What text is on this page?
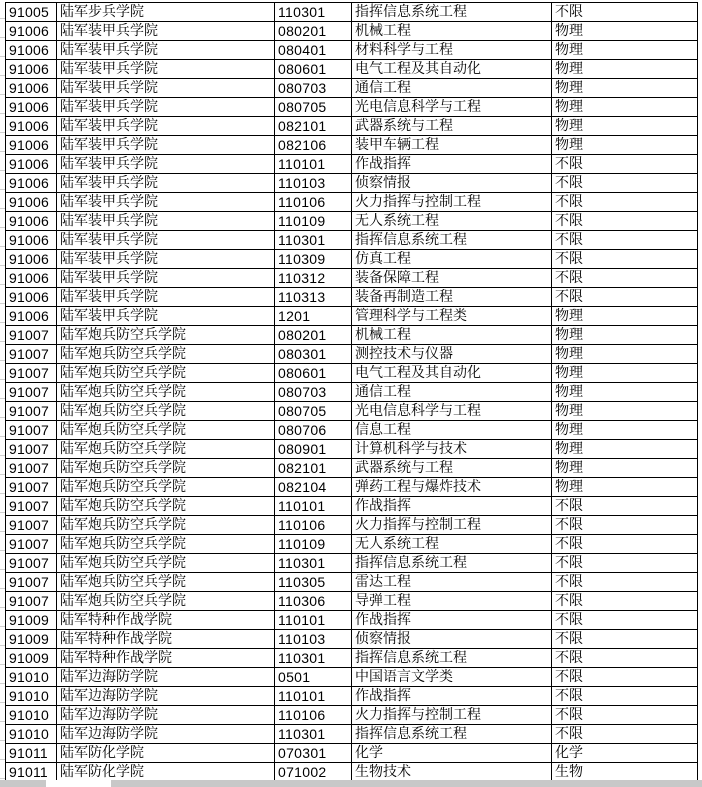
91005	陆军步兵学院	110301	指挥信息系统工程	不限
91006	陆军装甲兵学院	080201	机械工程	物理
91006	陆军装甲兵学院	080401	材料科学与工程	物理
91006	陆军装甲兵学院	080601	电气工程及其自动化	物理
91006	陆军装甲兵学院	080703	通信工程	物理
91006	陆军装甲兵学院	080705	光电信息科学与工程	物理
91006	陆军装甲兵学院	082101	武器系统与工程	物理
91006	陆军装甲兵学院	082106	装甲车辆工程	物理
91006	陆军装甲兵学院	110101	作战指挥	不限
91006	陆军装甲兵学院	110103	侦察情报	不限
91006	陆军装甲兵学院	110106	火力指挥与控制工程	不限
91006	陆军装甲兵学院	110109	无人系统工程	不限
91006	陆军装甲兵学院	110301	指挥信息系统工程	不限
91006	陆军装甲兵学院	110309	仿真工程	不限
91006	陆军装甲兵学院	110312	装备保障工程	不限
91006	陆军装甲兵学院	110313	装备再制造工程	不限
91006	陆军装甲兵学院	1201	管理科学与工程类	物理
91007	陆军炮兵防空兵学院	080201	机械工程	物理
91007	陆军炮兵防空兵学院	080301	测控技术与仪器	物理
91007	陆军炮兵防空兵学院	080601	电气工程及其自动化	物理
91007	陆军炮兵防空兵学院	080703	通信工程	物理
91007	陆军炮兵防空兵学院	080705	光电信息科学与工程	物理
91007	陆军炮兵防空兵学院	080706	信息工程	物理
91007	陆军炮兵防空兵学院	080901	计算机科学与技术	物理
91007	陆军炮兵防空兵学院	082101	武器系统与工程	物理
91007	陆军炮兵防空兵学院	082104	弹药工程与爆炸技术	物理
91007	陆军炮兵防空兵学院	110101	作战指挥	不限
91007	陆军炮兵防空兵学院	110106	火力指挥与控制工程	不限
91007	陆军炮兵防空兵学院	110109	无人系统工程	不限
91007	陆军炮兵防空兵学院	110301	指挥信息系统工程	不限
91007	陆军炮兵防空兵学院	110305	雷达工程	不限
91007	陆军炮兵防空兵学院	110306	导弹工程	不限
91009	陆军特种作战学院	110101	作战指挥	不限
91009	陆军特种作战学院	110103	侦察情报	不限
91009	陆军特种作战学院	110301	指挥信息系统工程	不限
91010	陆军边海防学院	0501	中国语言文学类	不限
91010	陆军边海防学院	110101	作战指挥	不限
91010	陆军边海防学院	110106	火力指挥与控制工程	不限
91010	陆军边海防学院	110301	指挥信息系统工程	不限
91011	陆军防化学院	070301	化学	化学
91011	陆军防化学院	071002	生物技术	生物
